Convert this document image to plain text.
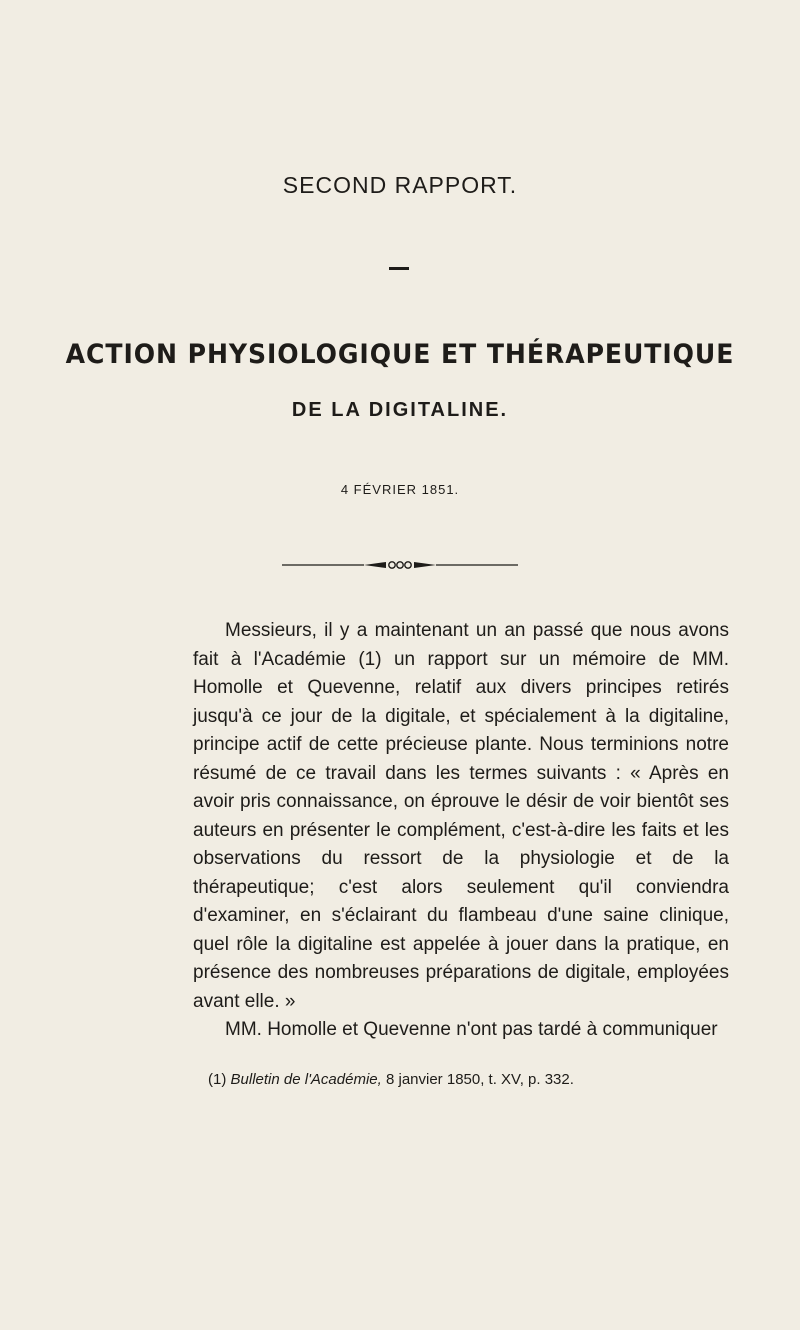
SECOND RAPPORT.
ACTION PHYSIOLOGIQUE ET THÉRAPEUTIQUE
DE LA DIGITALINE.
4 FÉVRIER 1851.

Messieurs, il y a maintenant un an passé que nous avons fait à l'Académie (1) un rapport sur un mémoire de MM. Homolle et Quevenne, relatif aux divers principes retirés jusqu'à ce jour de la digitale, et spécialement à la digitaline, principe actif de cette précieuse plante. Nous terminions notre résumé de ce travail dans les termes suivants : « Après en avoir pris connaissance, on éprouve le désir de voir bientôt ses auteurs en présenter le complément, c'est-à-dire les faits et les observations du ressort de la physiologie et de la thérapeutique; c'est alors seulement qu'il conviendra d'examiner, en s'éclairant du flambeau d'une saine clinique, quel rôle la digitaline est appelée à jouer dans la pratique, en présence des nombreuses préparations de digitale, employées avant elle. »

MM. Homolle et Quevenne n'ont pas tardé à communiquer

(1) Bulletin de l'Académie, 8 janvier 1850, t. XV, p. 332.
